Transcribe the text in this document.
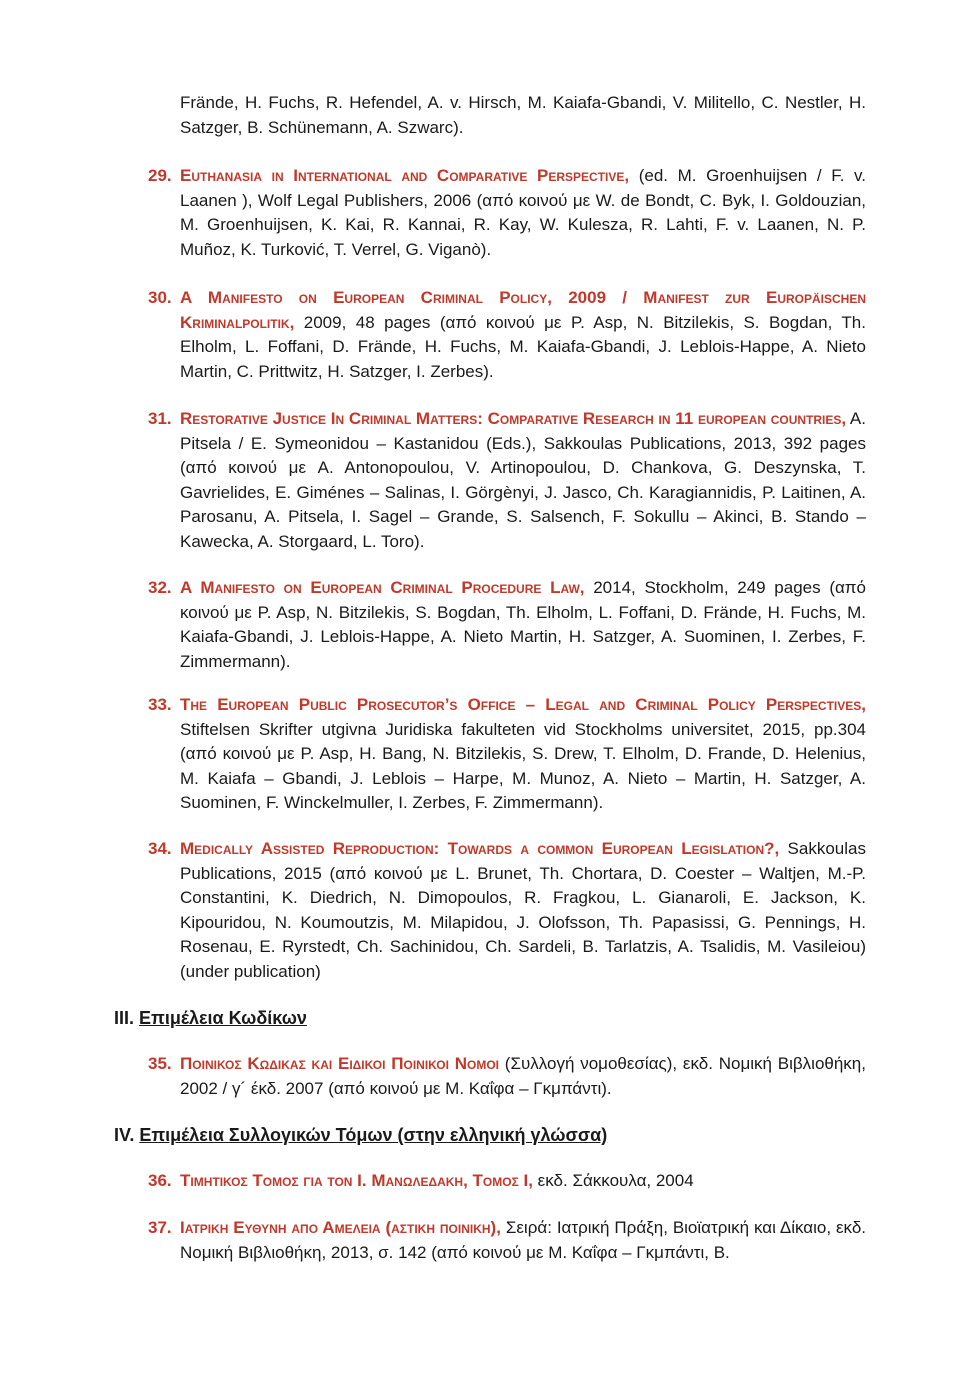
Frände, H. Fuchs, R. Hefendel, A. v. Hirsch, M. Kaiafa-Gbandi, V. Militello, C. Nestler, H. Satzger, B. Schünemann, A. Szwarc).
29. Euthanasia in International and Comparative Perspective, (ed. M. Groenhuijsen / F. v. Laanen ), Wolf Legal Publishers, 2006 (από κοινού με W. de Bondt, C. Byk, I. Goldouzian, M. Groenhuijsen, K. Kai, R. Kannai, R. Kay, W. Kulesza, R. Lahti, F. v. Laanen, N. P. Muñoz, K. Turković, T. Verrel, G. Viganò).
30. A Manifesto on European Criminal Policy, 2009 / Manifest zur Europäischen Kriminalpolitik, 2009, 48 pages (από κοινού με P. Asp, N. Bitzilekis, S. Bogdan, Th. Elholm, L. Foffani, D. Frände, H. Fuchs, M. Kaiafa-Gbandi, J. Leblois-Happe, A. Nieto Martin, C. Prittwitz, H. Satzger, I. Zerbes).
31. Restorative Justice In Criminal Matters: Comparative Research in 11 european countries, A. Pitsela / E. Symeonidou – Kastanidou (Eds.), Sakkoulas Publications, 2013, 392 pages (από κοινού με A. Antonopoulou, V. Artinopoulou, D. Chankova, G. Deszynska, T. Gavrielides, E. Giménes – Salinas, I. Görgènyi, J. Jasco, Ch. Karagiannidis, P. Laitinen, A. Parosanu, A. Pitsela, I. Sagel – Grande, S. Salsench, F. Sokullu – Akinci, B. Stando – Kawecka, A. Storgaard, L. Toro).
32. A Manifesto on European Criminal Procedure Law, 2014, Stockholm, 249 pages (από κοινού με P. Asp, N. Bitzilekis, S. Bogdan, Th. Elholm, L. Foffani, D. Frände, H. Fuchs, M. Kaiafa-Gbandi, J. Leblois-Happe, A. Nieto Martin, H. Satzger, A. Suominen, I. Zerbes, F. Zimmermann).
33. The European Public Prosecutor’s Office – Legal and Criminal Policy Perspectives, Stiftelsen Skrifter utgivna Juridiska fakulteten vid Stockholms universitet, 2015, pp.304 (από κοινού με P. Asp, H. Bang, N. Bitzilekis, S. Drew, T. Elholm, D. Frande, D. Helenius, M. Kaiafa – Gbandi, J. Leblois – Harpe, M. Munoz, A. Nieto – Martin, H. Satzger, A. Suominen, F. Winckelmuller, I. Zerbes, F. Zimmermann).
34. Medically Assisted Reproduction: Towards a common European Legislation?, Sakkoulas Publications, 2015 (από κοινού με L. Brunet, Th. Chortara, D. Coester – Waltjen, M.-P. Constantini, K. Diedrich, N. Dimopoulos, R. Fragkou, L. Gianaroli, E. Jackson, K. Kipouridou, N. Koumoutzis, M. Milapidou, J. Olofsson, Th. Papasissi, G. Pennings, H. Rosenau, E. Ryrstedt, Ch. Sachinidou, Ch. Sardeli, B. Tarlatzis, A. Tsalidis, M. Vasileiou) (under publication)
III. Επιμέλεια Κωδίκων
35. Ποινικος Κωδικας και Ειδικοι Ποινικοι Νομοι (Συλλογή νομοθεσίας), εκδ. Νομική Βιβλιοθήκη, 2002 / γ´ έκδ. 2007 (από κοινού με Μ. Καΐφα – Γκμπάντι).
IV. Επιμέλεια Συλλογικών Τόμων (στην ελληνική γλώσσα)
36. Τιμητικος Τομος για τον Ι. Μανωλεδακη, Τομος Ι, εκδ. Σάκκουλα, 2004
37. Ιατρικη Ευθυνη απο Αμελεια (αστικη ποινικη), Σειρά: Ιατρική Πράξη, Βιοϊατρική και Δίκαιο, εκδ. Νομική Βιβλιοθήκη, 2013, σ. 142 (από κοινού με Μ. Καΐφα – Γκμπάντι, Β.
